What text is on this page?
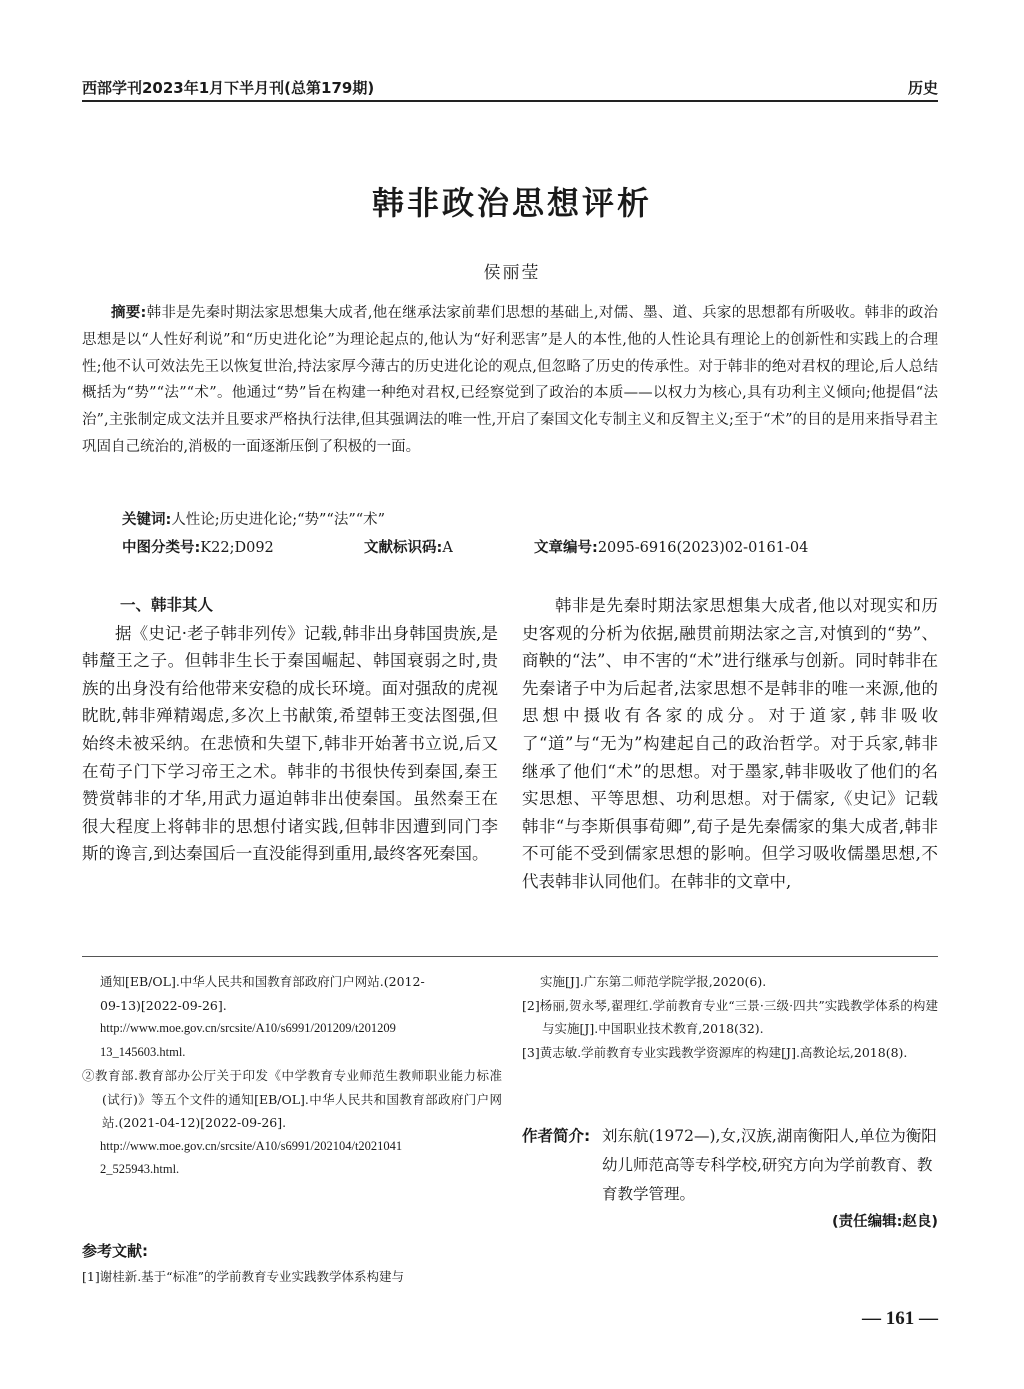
西部学刊2023年1月下半月刊(总第179期)	历史
韩非政治思想评析
侯丽莹
摘要:韩非是先秦时期法家思想集大成者,他在继承法家前辈们思想的基础上,对儒、墨、道、兵家的思想都有所吸收。韩非的政治思想是以“人性好利说”和“历史进化论”为理论起点的,他认为“好利恶害”是人的本性,他的人性论具有理论上的创新性和实践上的合理性;他不认可效法先王以恢复世治,持法家厚今薄古的历史进化论的观点,但忽略了历史的传承性。对于韩非的绝对君权的理论,后人总结概括为“势”“法”“术”。他通过“势”旨在构建一种绝对君权,已经察觉到了政治的本质——以权力为核心,具有功利主义倾向;他提倡“法治”,主张制定成文法并且要求严格执行法律,但其强调法的唯一性,开启了秦国文化专制主义和反智主义;至于“术”的目的是用来指导君主巩固自己统治的,消极的一面逐渐压倒了积极的一面。
关键词:人性论;历史进化论;“势”“法”“术”
中图分类号:K22;D092	文献标识码:A	文章编号:2095-6916(2023)02-0161-04
一、韩非其人
据《史记·老子韩非列传》记载,韩非出身韩国贵族,是韩釐王之子。但韩非生长于秦国崛起、韩国衰弱之时,贵族的出身没有给他带来安稳的成长环境。面对强敌的虎视眈眈,韩非殚精竭虑,多次上书献策,希望韩王变法图强,但始终未被采纳。在悲愤和失望下,韩非开始著书立说,后又在荀子门下学习帝王之术。韩非的书很快传到秦国,秦王赞赏韩非的才华,用武力逼迫韩非出使秦国。虽然秦王在很大程度上将韩非的思想付诸实践,但韩非因遭到同门李斯的谗言,到达秦国后一直没能得到重用,最终客死秦国。
韩非是先秦时期法家思想集大成者,他以对现实和历史客观的分析为依据,融贯前期法家之言,对慎到的“势”、商鞅的“法”、申不害的“术”进行继承与创新。同时韩非在先秦诸子中为后起者,法家思想不是韩非的唯一来源,他的思想中摄收有各家的成分。对于道家,韩非吸收了“道”与“无为”构建起自己的政治哲学。对于兵家,韩非继承了他们“术”的思想。对于墨家,韩非吸收了他们的名实思想、平等思想、功利思想。对于儒家,《史记》记载韩非“与李斯俱事荀卿”,荀子是先秦儒家的集大成者,韩非不可能不受到儒家思想的影响。但学习吸收儒墨思想,不代表韩非认同他们。在韩非的文章中,

通知[EB/OL].中华人民共和国教育部政府门户网站.(2012-

09-13)[2022-09-26].

http://www.moe.gov.cn/srcsite/A10/s6991/201209/t201209

13_145603.html.

②教育部.教育部办公厅关于印发《中学教育专业师范生教师职业能力标准(试行)》等五个文件的通知[EB/OL].中华人民共和国教育部政府门户网站.(2021-04-12)[2022-09-26].

http://www.moe.gov.cn/srcsite/A10/s6991/202104/t2021041

2_525943.html.

实施[J].广东第二师范学院学报,2020(6).

[2]杨丽,贺永琴,翟理红.学前教育专业“三景·三级·四共”实践教学体系的构建与实施[J].中国职业技术教育,2018(32).

[3]黄志敏.学前教育专业实践教学资源库的构建[J].高教论坛,2018(8).

作者简介: 刘东航(1972—),女,汉族,湖南衡阳人,单位为衡阳幼儿师范高等专科学校,研究方向为学前教育、教育教学管理。
(责任编辑:赵良)
参考文献:
[1]谢桂新.基于“标准”的学前教育专业实践教学体系构建与
— 161 —
